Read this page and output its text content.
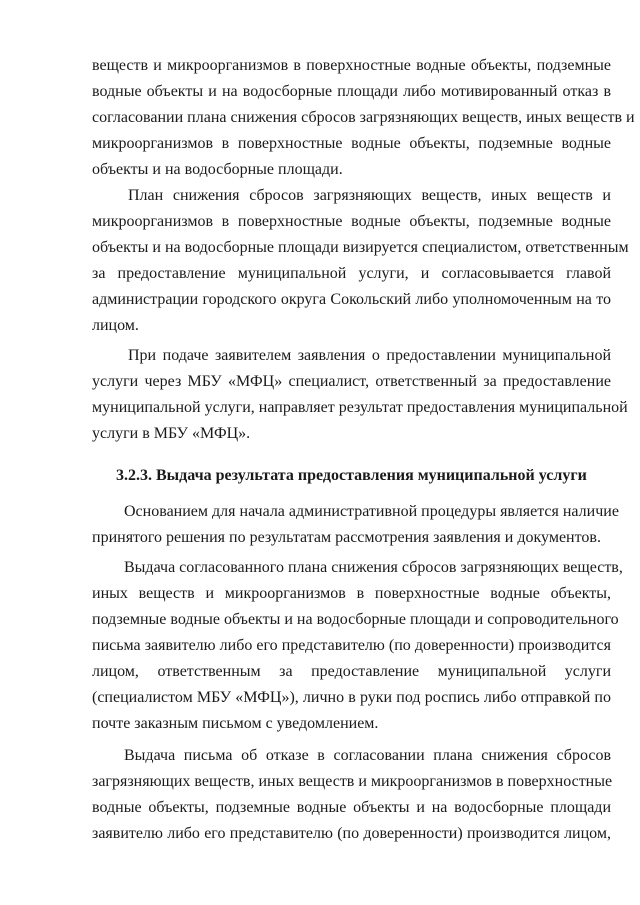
веществ и микроорганизмов в поверхностные водные объекты, подземные
водные объекты и на водосборные площади либо мотивированный отказ в
согласовании плана снижения сбросов загрязняющих веществ, иных веществ и
микроорганизмов в поверхностные водные объекты, подземные водные
объекты и на водосборные площади.
План снижения сбросов загрязняющих веществ, иных веществ и
микроорганизмов в поверхностные водные объекты, подземные водные
объекты и на водосборные площади визируется специалистом, ответственным
за предоставление муниципальной услуги, и согласовывается главой
администрации городского округа Сокольский либо уполномоченным на то
лицом.
При подаче заявителем заявления о предоставлении муниципальной
услуги через МБУ «МФЦ» специалист, ответственный за предоставление
муниципальной услуги, направляет результат предоставления муниципальной
услуги в МБУ «МФЦ».
3.2.3. Выдача результата предоставления муниципальной услуги
Основанием для начала административной процедуры является наличие
принятого решения по результатам рассмотрения заявления и документов.
Выдача согласованного плана снижения сбросов загрязняющих веществ,
иных веществ и микроорганизмов в поверхностные водные объекты,
подземные водные объекты и на водосборные площади и сопроводительного
письма заявителю либо его представителю (по доверенности) производится
лицом, ответственным за предоставление муниципальной услуги
(специалистом МБУ «МФЦ»), лично в руки под роспись либо отправкой по
почте заказным письмом с уведомлением.
Выдача письма об отказе в согласовании плана снижения сбросов
загрязняющих веществ, иных веществ и микроорганизмов в поверхностные
водные объекты, подземные водные объекты и на водосборные площади
заявителю либо его представителю (по доверенности) производится лицом,
